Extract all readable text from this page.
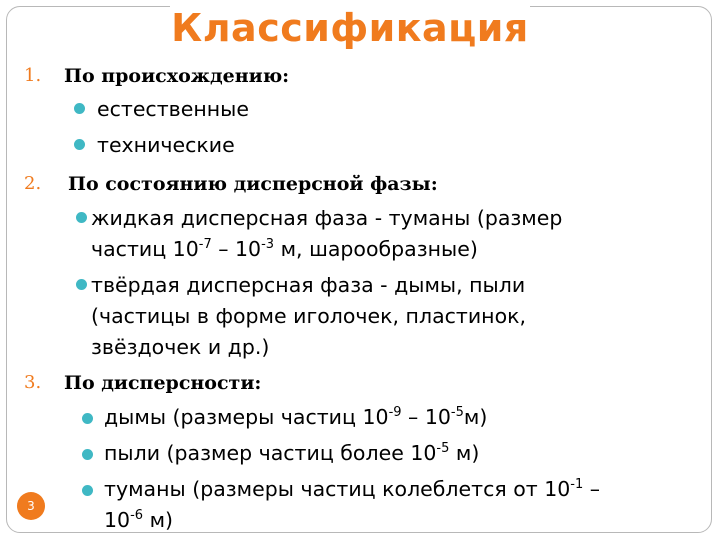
Классификация
1. По происхождению:
естественные
технические
2. По состоянию дисперсной фазы:
жидкая дисперсная фаза - туманы (размер
частиц $10^{-7} - 10^{-3}$ м, шарообразные)
твёрдая дисперсная фаза - дымы, пыли
(частицы в форме иголочек, пластинок,
звёздочек и др.)
3. По дисперсности:
дымы (размеры частиц $10^{-9} - 10^{-5}м$)
пыли (размер частиц более $10^{-5}$ м)
туманы (размеры частиц колеблется от $10^{-1}$ –
$10^{-6}$ м)
3
